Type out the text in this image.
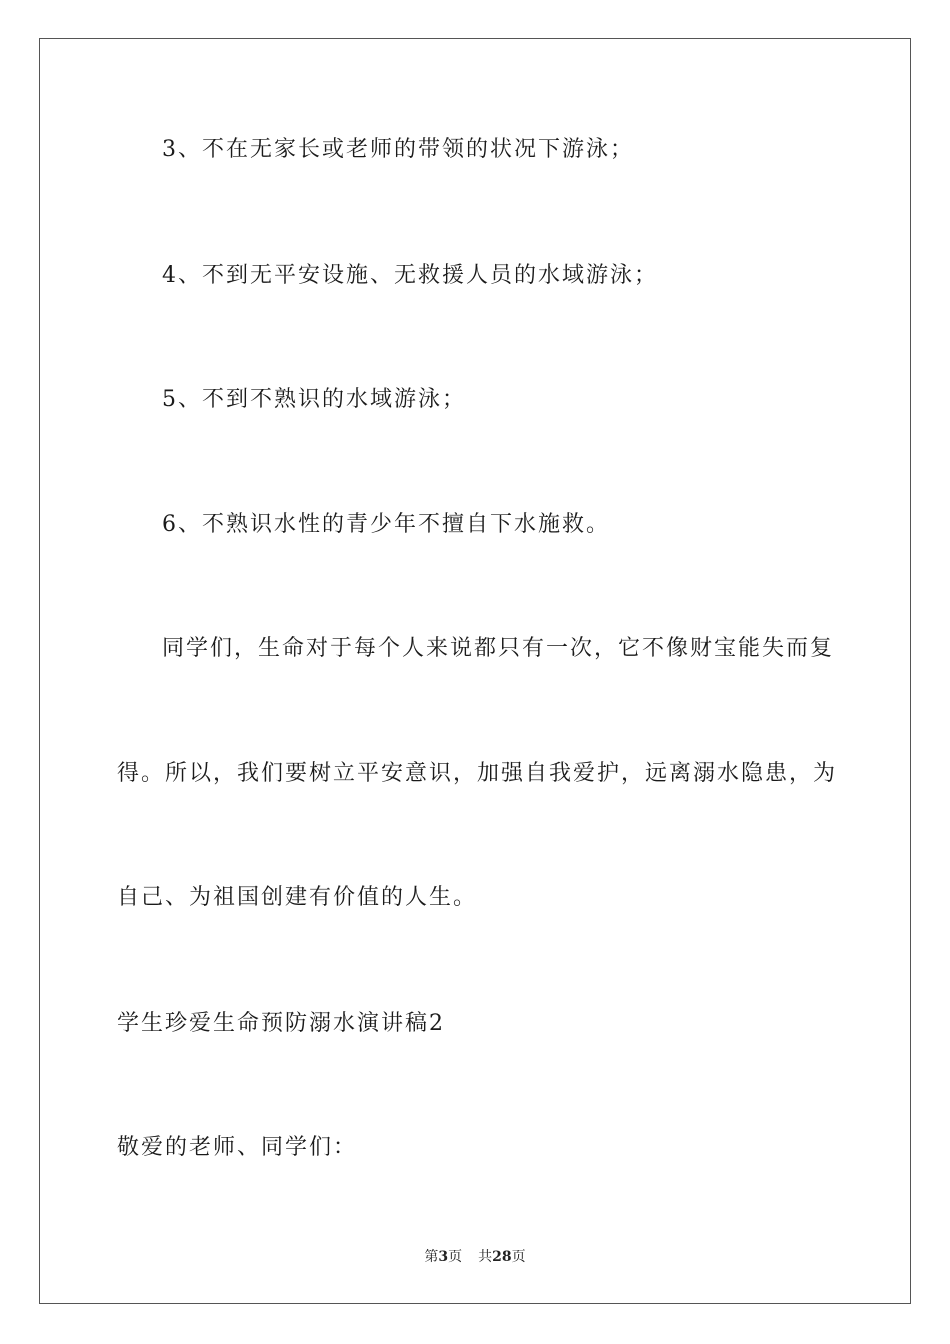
3、不在无家长或老师的带领的状况下游泳；
4、不到无平安设施、无救援人员的水域游泳；
5、不到不熟识的水域游泳；
6、不熟识水性的青少年不擅自下水施救。
同学们，生命对于每个人来说都只有一次，它不像财宝能失而复
得。所以，我们要树立平安意识，加强自我爱护，远离溺水隐患，为
自己、为祖国创建有价值的人生。
学生珍爱生命预防溺水演讲稿2
敬爱的老师、同学们：
第3页 共28页
